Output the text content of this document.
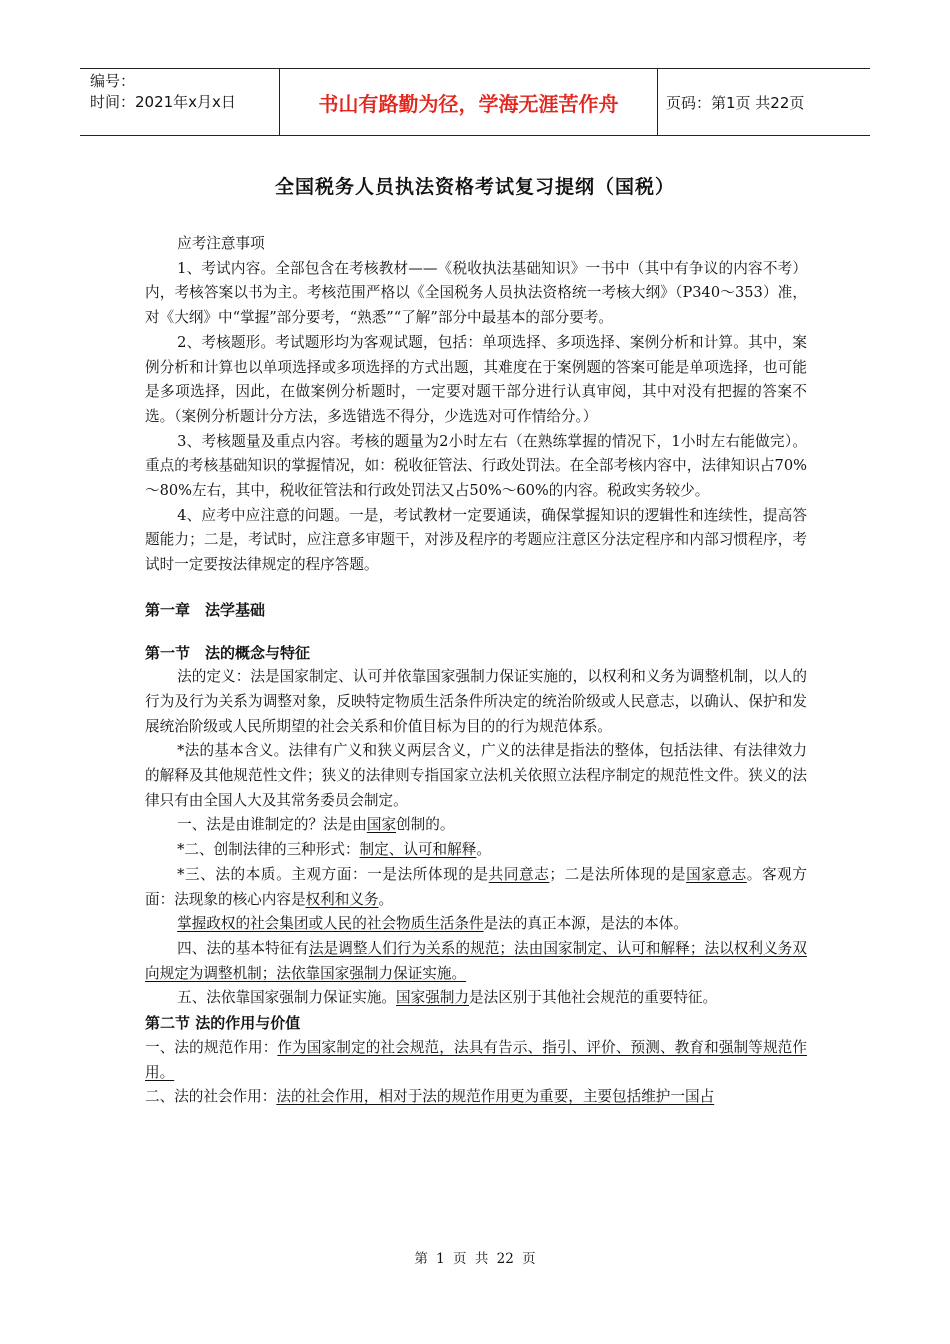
编号：
时间：2021年x月x日	书山有路勤为径，学海无涯苦作舟	页码：第1页 共22页
全国税务人员执法资格考试复习提纲（国税）

应考注意事项

1、考试内容。全部包含在考核教材——《税收执法基础知识》一书中（其中有争议的内容不考）内，考核答案以书为主。考核范围严格以《全国税务人员执法资格统一考核大纲》（P340～353）准，对《大纲》中“掌握”部分要考，“熟悉”“了解”部分中最基本的部分要考。

2、考核题形。考试题形均为客观试题，包括：单项选择、多项选择、案例分析和计算。其中，案例分析和计算也以单项选择或多项选择的方式出题，其难度在于案例题的答案可能是单项选择，也可能是多项选择，因此，在做案例分析题时，一定要对题干部分进行认真审阅，其中对没有把握的答案不选。（案例分析题计分方法，多选错选不得分，少选选对可作情给分。）

3、考核题量及重点内容。考核的题量为2小时左右（在熟练掌握的情况下，1小时左右能做完）。重点的考核基础知识的掌握情况，如：税收征管法、行政处罚法。在全部考核内容中，法律知识占70%～80%左右，其中，税收征管法和行政处罚法又占50%～60%的内容。税政实务较少。

4、应考中应注意的问题。一是，考试教材一定要通读，确保掌握知识的逻辑性和连续性，提高答题能力；二是，考试时，应注意多审题干，对涉及程序的考题应注意区分法定程序和内部习惯程序，考试时一定要按法律规定的程序答题。

第一章　法学基础

第一节　法的概念与特征

法的定义：法是国家制定、认可并依靠国家强制力保证实施的，以权利和义务为调整机制，以人的行为及行为关系为调整对象，反映特定物质生活条件所决定的统治阶级或人民意志，以确认、保护和发展统治阶级或人民所期望的社会关系和价值目标为目的的行为规范体系。

*法的基本含义。法律有广义和狭义两层含义，广义的法律是指法的整体，包括法律、有法律效力的解释及其他规范性文件；狭义的法律则专指国家立法机关依照立法程序制定的规范性文件。狭义的法律只有由全国人大及其常务委员会制定。

一、法是由谁制定的？法是由国家创制的。

*二、创制法律的三种形式：制定、认可和解释。

*三、法的本质。主观方面：一是法所体现的是共同意志；二是法所体现的是国家意志。客观方面：法现象的核心内容是权利和义务。

掌握政权的社会集团或人民的社会物质生活条件是法的真正本源，是法的本体。

四、法的基本特征有法是调整人们行为关系的规范；法由国家制定、认可和解释；法以权利义务双向规定为调整机制；法依靠国家强制力保证实施。

五、法依靠国家强制力保证实施。国家强制力是法区别于其他社会规范的重要特征。

第二节 法的作用与价值

一、法的规范作用：作为国家制定的社会规范，法具有告示、指引、评价、预测、教育和强制等规范作用。

二、法的社会作用：法的社会作用，相对于法的规范作用更为重要，主要包括维护一国占

第 1 页 共 22 页
